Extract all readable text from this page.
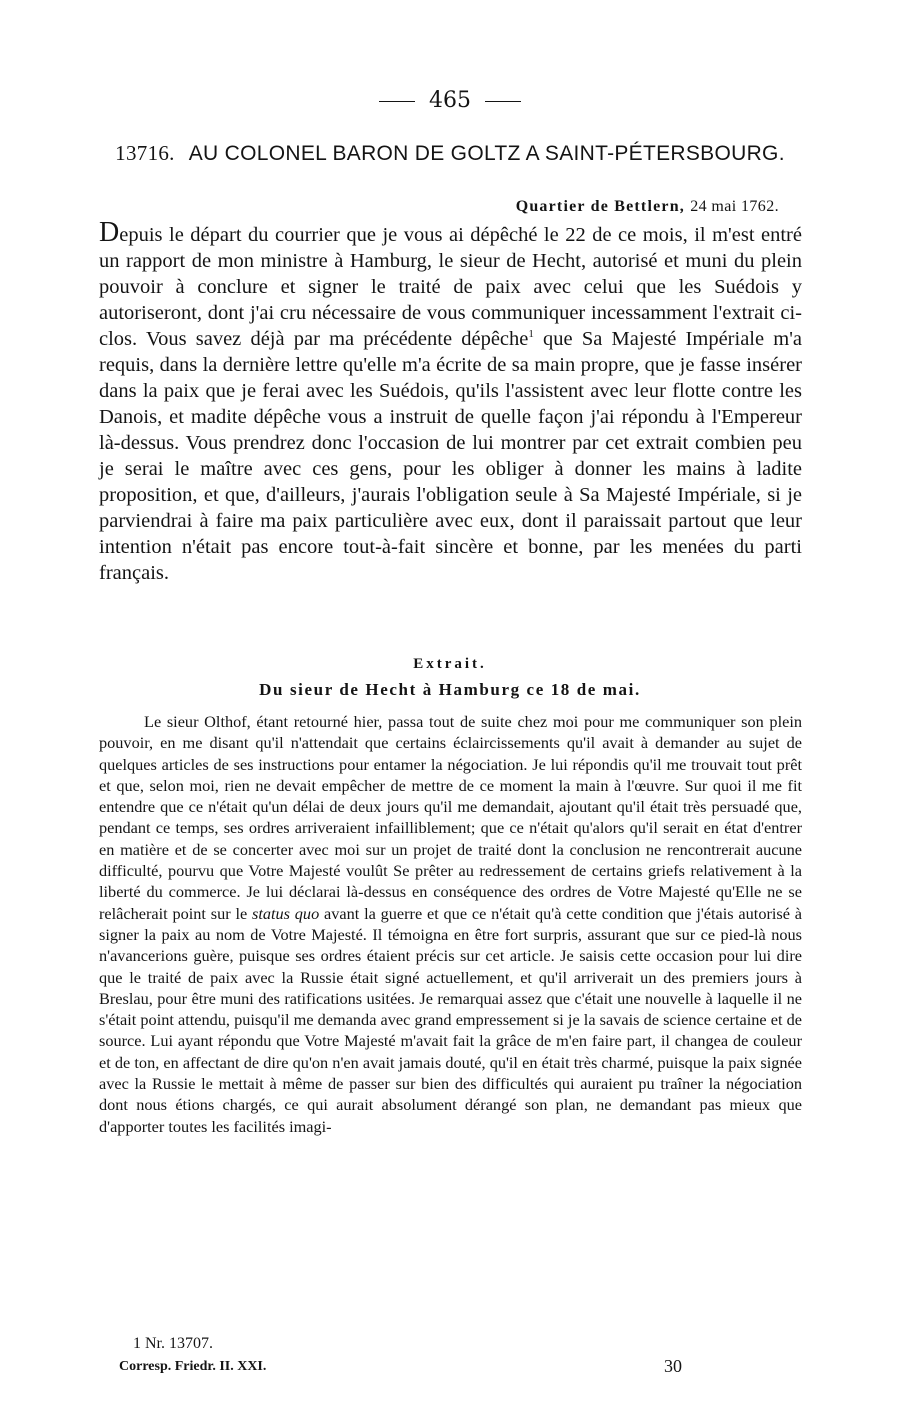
465
13716. AU COLONEL BARON DE GOLTZ A SAINT-PÉTERSBOURG.
Quartier de Bettlern, 24 mai 1762.
Depuis le départ du courrier que je vous ai dépêché le 22 de ce mois, il m'est entré un rapport de mon ministre à Hamburg, le sieur de Hecht, autorisé et muni du plein pouvoir à conclure et signer le traité de paix avec celui que les Suédois y autoriseront, dont j'ai cru nécessaire de vous communiquer incessamment l'extrait ci-clos. Vous savez déjà par ma précédente dépêche$^1$ que Sa Majesté Impériale m'a requis, dans la dernière lettre qu'elle m'a écrite de sa main propre, que je fasse insérer dans la paix que je ferai avec les Suédois, qu'ils l'assistent avec leur flotte contre les Danois, et madite dépêche vous a instruit de quelle façon j'ai répondu à l'Empereur là-dessus. Vous prendrez donc l'occasion de lui montrer par cet extrait combien peu je serai le maître avec ces gens, pour les obliger à donner les mains à ladite proposition, et que, d'ailleurs, j'aurais l'obligation seule à Sa Majesté Impériale, si je parviendrai à faire ma paix particulière avec eux, dont il paraissait partout que leur intention n'était pas encore tout-à-fait sincère et bonne, par les menées du parti français.
Extrait.
Du sieur de Hecht à Hamburg ce 18 de mai.
Le sieur Olthof, étant retourné hier, passa tout de suite chez moi pour me communiquer son plein pouvoir, en me disant qu'il n'attendait que certains éclaircissements qu'il avait à demander au sujet de quelques articles de ses instructions pour entamer la négociation. Je lui répondis qu'il me trouvait tout prêt et que, selon moi, rien ne devait empêcher de mettre de ce moment la main à l'œuvre. Sur quoi il me fit entendre que ce n'était qu'un délai de deux jours qu'il me demandait, ajoutant qu'il était très persuadé que, pendant ce temps, ses ordres arriveraient infailliblement; que ce n'était qu'alors qu'il serait en état d'entrer en matière et de se concerter avec moi sur un projet de traité dont la conclusion ne rencontrerait aucune difficulté, pourvu que Votre Majesté voulût Se prêter au redressement de certains griefs relativement à la liberté du commerce. Je lui déclarai là-dessus en conséquence des ordres de Votre Majesté qu'Elle ne se relâcherait point sur le status quo avant la guerre et que ce n'était qu'à cette condition que j'étais autorisé à signer la paix au nom de Votre Majesté. Il témoigna en être fort surpris, assurant que sur ce pied-là nous n'avancerions guère, puisque ses ordres étaient précis sur cet article. Je saisis cette occasion pour lui dire que le traité de paix avec la Russie était signé actuellement, et qu'il arriverait un des premiers jours à Breslau, pour être muni des ratifications usitées. Je remarquai assez que c'était une nouvelle à laquelle il ne s'était point attendu, puisqu'il me demanda avec grand empressement si je la savais de science certaine et de source. Lui ayant répondu que Votre Majesté m'avait fait la grâce de m'en faire part, il changea de couleur et de ton, en affectant de dire qu'on n'en avait jamais douté, qu'il en était très charmé, puisque la paix signée avec la Russie le mettait à même de passer sur bien des difficultés qui auraient pu traîner la négociation dont nous étions chargés, ce qui aurait absolument dérangé son plan, ne demandant pas mieux que d'apporter toutes les facilités imagi-
1 Nr. 13707.
Corresp. Friedr. II. XXI.	30
